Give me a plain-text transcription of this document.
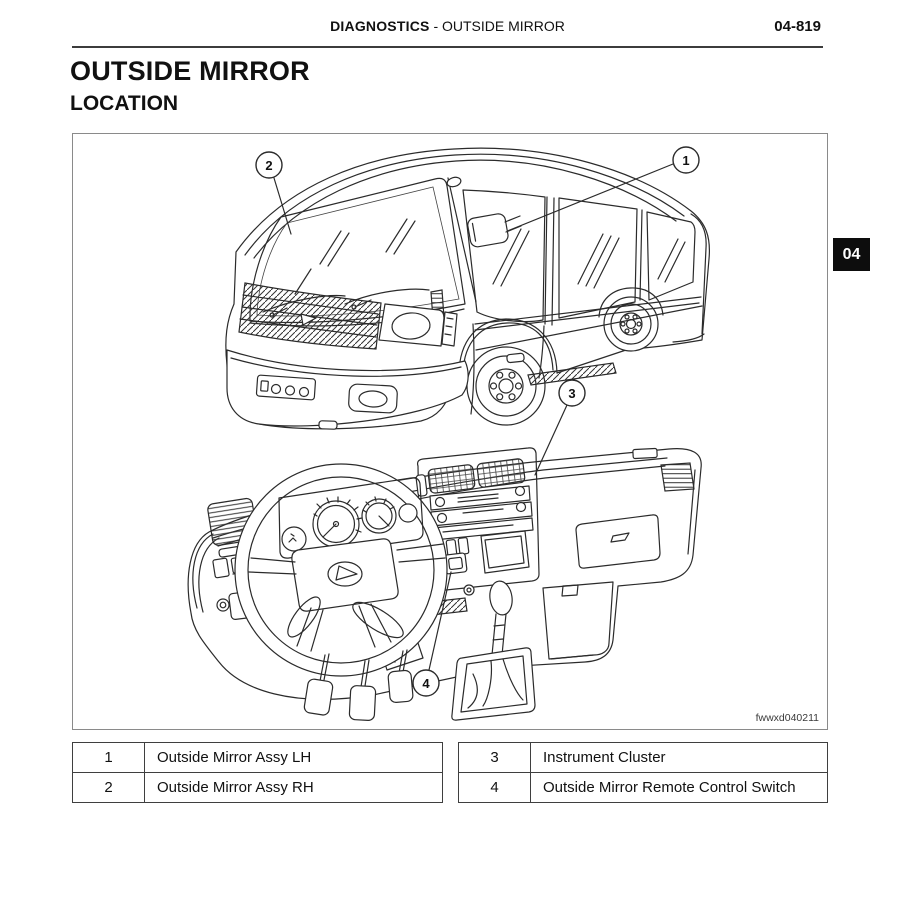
DIAGNOSTICS - OUTSIDE MIRROR	04-819
OUTSIDE MIRROR
LOCATION
04
1
2
3
4
fwwxd040211
1	Outside Mirror Assy LH
2	Outside Mirror Assy RH
3	Instrument Cluster
4	Outside Mirror Remote Control Switch
